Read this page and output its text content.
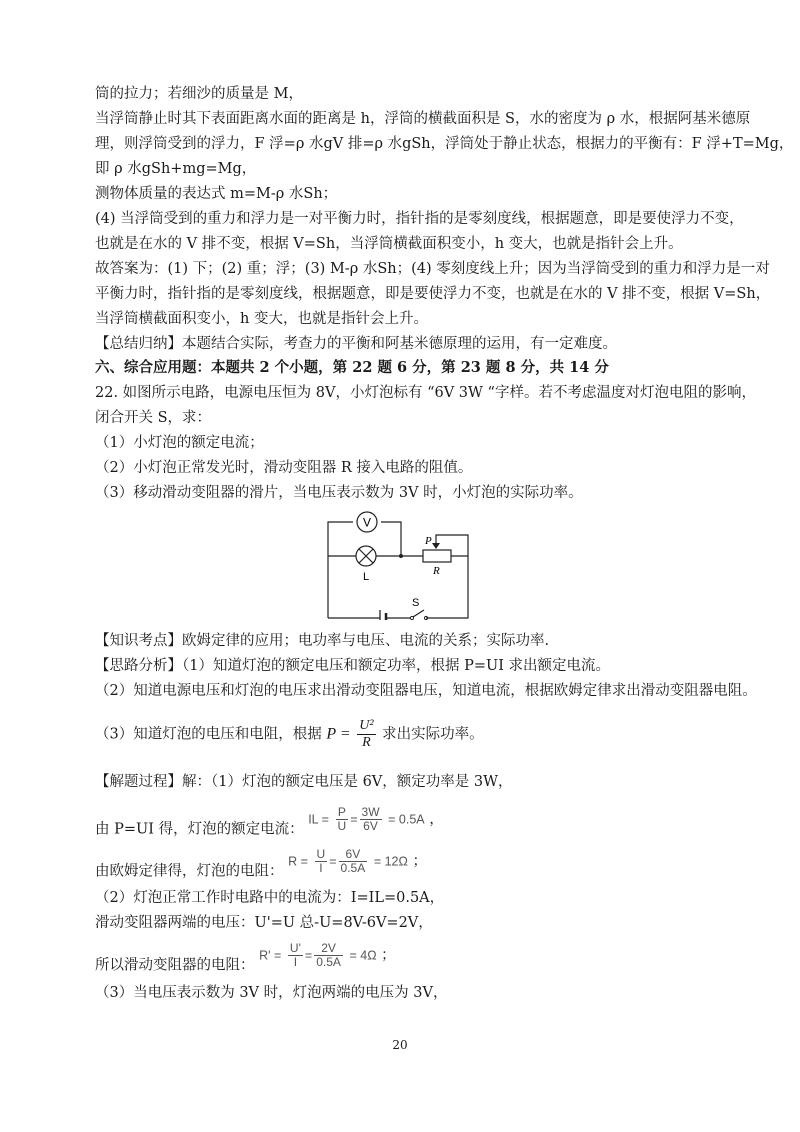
筒的拉力；若细沙的质量是 M，
当浮筒静止时其下表面距离水面的距离是 h，浮筒的横截面积是 S，水的密度为 ρ 水，根据阿基米德原
理，则浮筒受到的浮力，F 浮=ρ 水gV 排=ρ 水gSh，浮筒处于静止状态，根据力的平衡有：F 浮+T=Mg，
即 ρ 水gSh+mg=Mg，
测物体质量的表达式 m=M-ρ 水Sh；
(4) 当浮筒受到的重力和浮力是一对平衡力时，指针指的是零刻度线，根据题意，即是要使浮力不变，
也就是在水的 V 排不变，根据 V=Sh，当浮筒横截面积变小，h 变大，也就是指针会上升。
故答案为：(1) 下；(2) 重；浮；(3) M-ρ 水Sh；(4) 零刻度线上升；因为当浮筒受到的重力和浮力是一对
平衡力时，指针指的是零刻度线，根据题意，即是要使浮力不变，也就是在水的 V 排不变，根据 V=Sh，
当浮筒横截面积变小，h 变大，也就是指针会上升。
【总结归纳】本题结合实际，考查力的平衡和阿基米德原理的运用，有一定难度。
六、综合应用题：本题共 2 个小题，第 22 题 6 分，第 23 题 8 分，共 14 分
22. 如图所示电路，电源电压恒为 8V，小灯泡标有 “6V 3W “字样。若不考虑温度对灯泡电阻的影响，
闭合开关 S，求：
（1）小灯泡的额定电流；
（2）小灯泡正常发光时，滑动变阻器 R 接入电路的阻值。
（3）移动滑动变阻器的滑片，当电压表示数为 3V 时，小灯泡的实际功率。
V
L
P
R
S
【知识考点】欧姆定律的应用；电功率与电压、电流的关系；实际功率.
【思路分析】（1）知道灯泡的额定电压和额定功率，根据 P=UI 求出额定电流。
（2）知道电源电压和灯泡的电压求出滑动变阻器电压，知道电流，根据欧姆定律求出滑动变阻器电阻。
（3）知道灯泡的电压和电阻，根据 $P = \frac{\text{U²}}{R}$ 求出实际功率。
【解题过程】解：（1）灯泡的额定电压是 6V，额定功率是 3W，
由 P=UI 得，灯泡的额定电流： IL = $\frac{P}{U} = \frac{3W}{6V} = 0.5A$ ，
由欧姆定律得，灯泡的电阻： $R = \frac{U}{I} = \frac{6V}{0.5A} = 12\Omega$ ；
（2）灯泡正常工作时电路中的电流为：I=IL=0.5A，
滑动变阻器两端的电压：U'=U 总-U=8V-6V=2V，
所以滑动变阻器的电阻： $R' = \frac{U'}{I} = \frac{2V}{0.5A} = 4\Omega$ ；
（3）当电压表示数为 3V 时，灯泡两端的电压为 3V，
20
